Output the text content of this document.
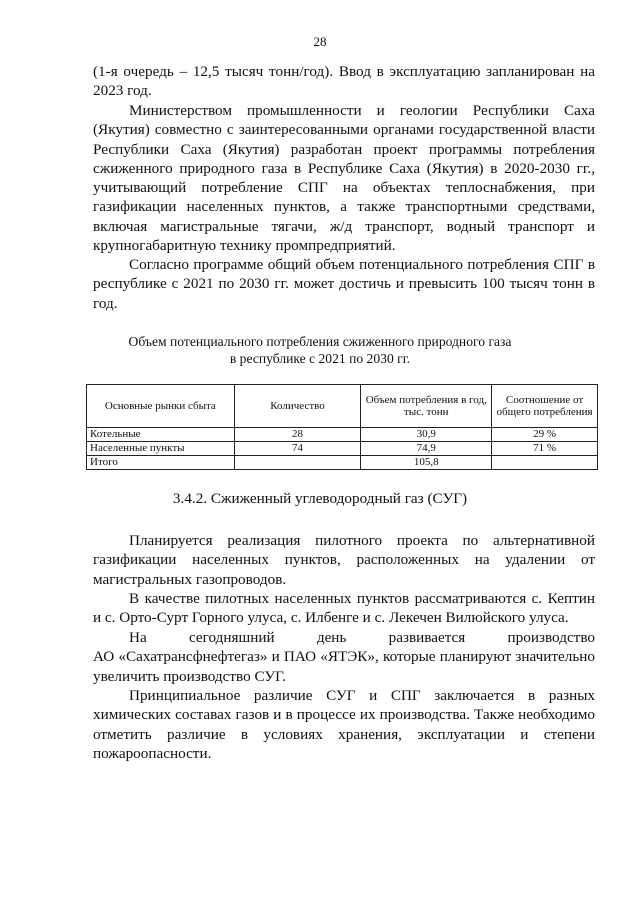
28

(1-я очередь – 12,5 тысяч тонн/год). Ввод в эксплуатацию запланирован на 2023 год.

Министерством промышленности и геологии Республики Саха (Якутия) совместно с заинтересованными органами государственной власти Республики Саха (Якутия) разработан проект программы потребления сжиженного природного газа в Республике Саха (Якутия) в 2020-2030 гг., учитывающий потребление СПГ на объектах теплоснабжения, при газификации населенных пунктов, а также транспортными средствами, включая магистральные тягачи, ж/д транспорт, водный транспорт и крупногабаритную технику промпредприятий.

Согласно программе общий объем потенциального потребления СПГ в республике с 2021 по 2030 гг. может достичь и превысить 100 тысяч тонн в год.

Объем потенциального потребления сжиженного природного газа
в республике с 2021 по 2030 гг.
Основные рынки сбыта	Количество	Объем потребления в год, тыс. тонн	Соотношение от общего потребления
Котельные	28	30,9	29 %
Населенные пункты	74	74,9	71 %
Итого		105,8	
3.4.2. Сжиженный углеводородный газ (СУГ)

Планируется реализация пилотного проекта по альтернативной газификации населенных пунктов, расположенных на удалении от магистральных газопроводов.

В качестве пилотных населенных пунктов рассматриваются с. Кептин и с. Орто-Сурт Горного улуса, с. Илбенге и с. Лекечен Вилюйского улуса.

На	сегодняшний	день	развивается	производство
АО «Сахатрансфнефтегаз» и ПАО «ЯТЭК», которые планируют значительно увеличить производство СУГ.

Принципиальное различие СУГ и СПГ заключается в разных химических составах газов и в процессе их производства. Также необходимо отметить различие в условиях хранения, эксплуатации и степени пожароопасности.
